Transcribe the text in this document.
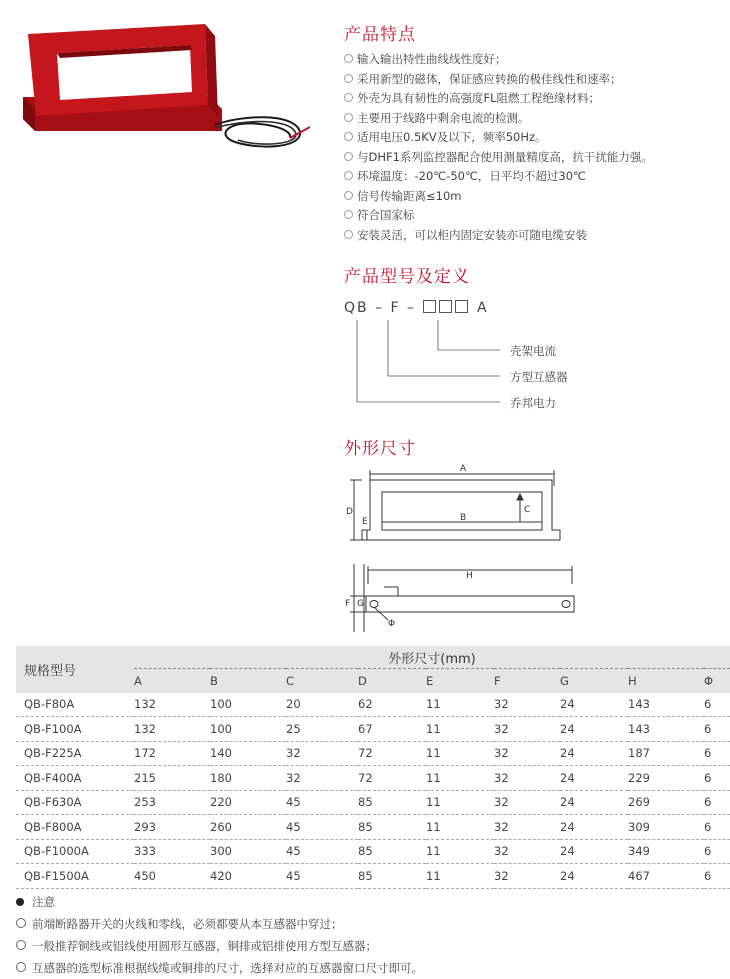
产品特点
输入输出特性曲线线性度好；
采用新型的磁体，保证感应转换的极佳线性和速率；
外壳为具有韧性的高强度FL阻燃工程绝缘材料；
主要用于线路中剩余电流的检测。
适用电压0.5KV及以下，频率50Hz。
与DHF1系列监控器配合使用测量精度高，抗干扰能力强。
环境温度：-20℃-50℃，日平均不超过30℃
信号传输距离≤10m
符合国家标
安装灵活，可以柜内固定安装亦可随电缆安装
产品型号及定义
QB – F –	A
壳架电流
方型互感器
乔邦电力
外形尺寸
A
B
C
D
E
F G
H
Φ
规格型号	外形尺寸(mm)								
	A	B	C	D	E	F	G	H	Φ
QB-F80A	132	100	20	62	11	32	24	143	6
QB-F100A	132	100	25	67	11	32	24	143	6
QB-F225A	172	140	32	72	11	32	24	187	6
QB-F400A	215	180	32	72	11	32	24	229	6
QB-F630A	253	220	45	85	11	32	24	269	6
QB-F800A	293	260	45	85	11	32	24	309	6
QB-F1000A	333	300	45	85	11	32	24	349	6
QB-F1500A	450	420	45	85	11	32	24	467	6
注意
前端断路器开关的火线和零线，必须都要从本互感器中穿过；
一般推荐铜线或铝线使用圆形互感器，铜排或铝排使用方型互感器；
互感器的选型标准根据线缆或铜排的尺寸，选择对应的互感器窗口尺寸即可。
